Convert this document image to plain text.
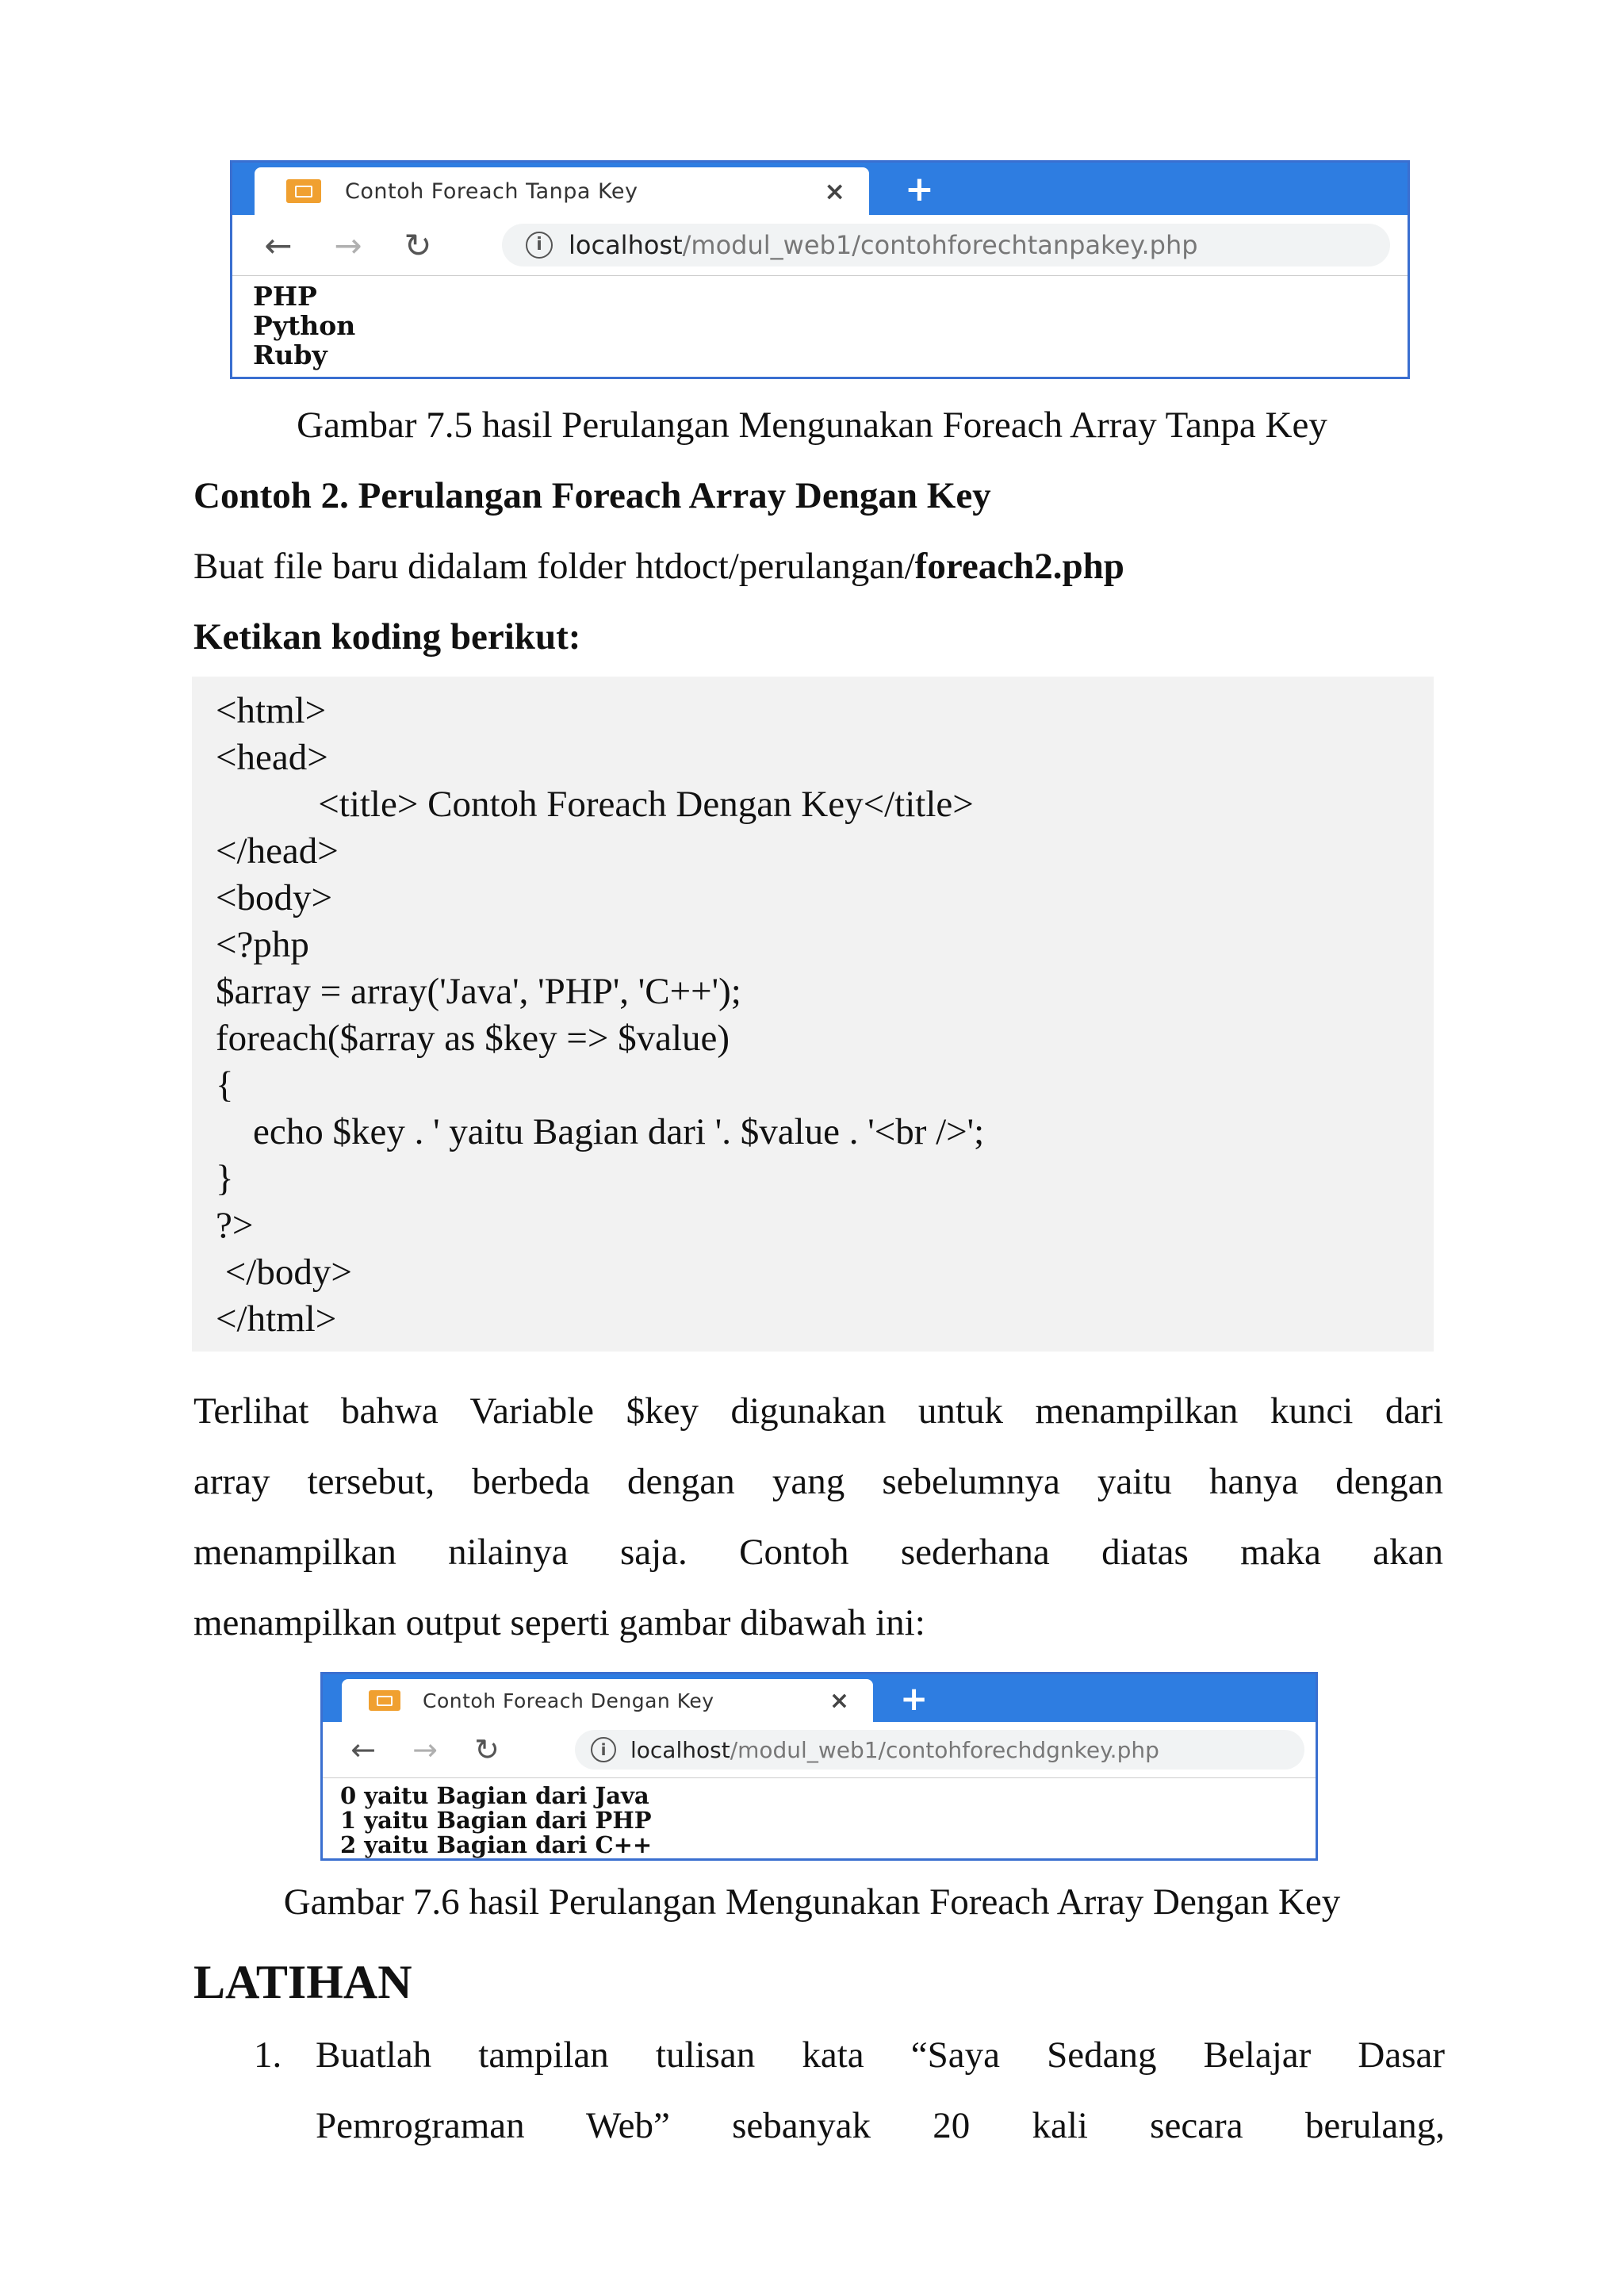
Contoh Foreach Tanpa Key	× +
← → ↻	i	localhost /modul_web1/contohforechtanpakey.php
PHP
Python
Ruby
Gambar 7.5 hasil Perulangan Mengunakan Foreach Array Tanpa Key
Contoh 2. Perulangan Foreach Array Dengan Key
Buat file baru didalam folder htdoct/perulangan/foreach2.php
Ketikan koding berikut:
<html>
<head>
<title> Contoh Foreach Dengan Key</title>
</head>
<body>
<?php
$array = array('Java', 'PHP', 'C++');
foreach($array as $key => $value)
{
echo $key . ' yaitu Bagian dari '. $value . '<br />';
}
?>
</body>
</html>
Terlihat bahwa Variable $key digunakan untuk menampilkan kunci dari
array tersebut, berbeda dengan yang sebelumnya yaitu hanya dengan
menampilkan nilainya saja. Contoh sederhana diatas maka akan
menampilkan output seperti gambar dibawah ini:
Contoh Foreach Dengan Key	× +
← → ↻	i	localhost /modul_web1/contohforechdgnkey.php
0 yaitu Bagian dari Java
1 yaitu Bagian dari PHP
2 yaitu Bagian dari C++
Gambar 7.6 hasil Perulangan Mengunakan Foreach Array Dengan Key
LATIHAN
1. Buatlah tampilan tulisan kata “Saya Sedang Belajar Dasar
Pemrograman Web” sebanyak 20 kali secara berulang,
